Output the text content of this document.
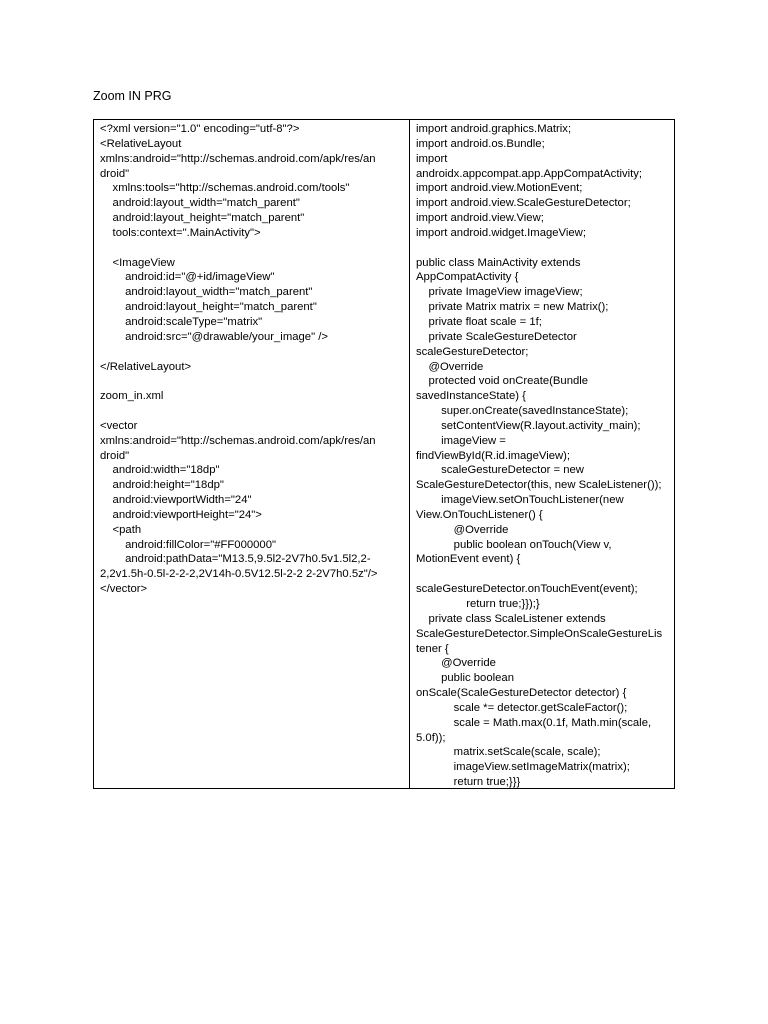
Zoom IN PRG
<?xml version="1.0" encoding="utf-8"?>
<RelativeLayout
xmlns:android="http://schemas.android.com/apk/res/an
droid"
xmlns:tools="http://schemas.android.com/tools"
android:layout_width="match_parent"
android:layout_height="match_parent"
tools:context=".MainActivity">
<ImageView
android:id="@+id/imageView"
android:layout_width="match_parent"
android:layout_height="match_parent"
android:scaleType="matrix"
android:src="@drawable/your_image" />
</RelativeLayout>
zoom_in.xml
<vector
xmlns:android="http://schemas.android.com/apk/res/an
droid"
android:width="18dp"
android:height="18dp"
android:viewportWidth="24"
android:viewportHeight="24">
<path
android:fillColor="#FF000000"
android:pathData="M13.5,9.5l2-2V7h0.5v1.5l2,2-
2,2v1.5h-0.5l-2-2-2,2V14h-0.5V12.5l-2-2 2-2V7h0.5z"/>
</vector>
import android.graphics.Matrix;
import android.os.Bundle;
import
androidx.appcompat.app.AppCompatActivity;
import android.view.MotionEvent;
import android.view.ScaleGestureDetector;
import android.view.View;
import android.widget.ImageView;
public class MainActivity extends
AppCompatActivity {
private ImageView imageView;
private Matrix matrix = new Matrix();
private float scale = 1f;
private ScaleGestureDetector
scaleGestureDetector;
@Override
protected void onCreate(Bundle
savedInstanceState) {
super.onCreate(savedInstanceState);
setContentView(R.layout.activity_main);
imageView =
findViewById(R.id.imageView);
scaleGestureDetector = new
ScaleGestureDetector(this, new ScaleListener());
imageView.setOnTouchListener(new
View.OnTouchListener() {
@Override
public boolean onTouch(View v,
MotionEvent event) {
scaleGestureDetector.onTouchEvent(event);
return true;}});}
private class ScaleListener extends
ScaleGestureDetector.SimpleOnScaleGestureLis
tener {
@Override
public boolean
onScale(ScaleGestureDetector detector) {
scale *= detector.getScaleFactor();
scale = Math.max(0.1f, Math.min(scale,
5.0f));
matrix.setScale(scale, scale);
imageView.setImageMatrix(matrix);
return true;}}}
